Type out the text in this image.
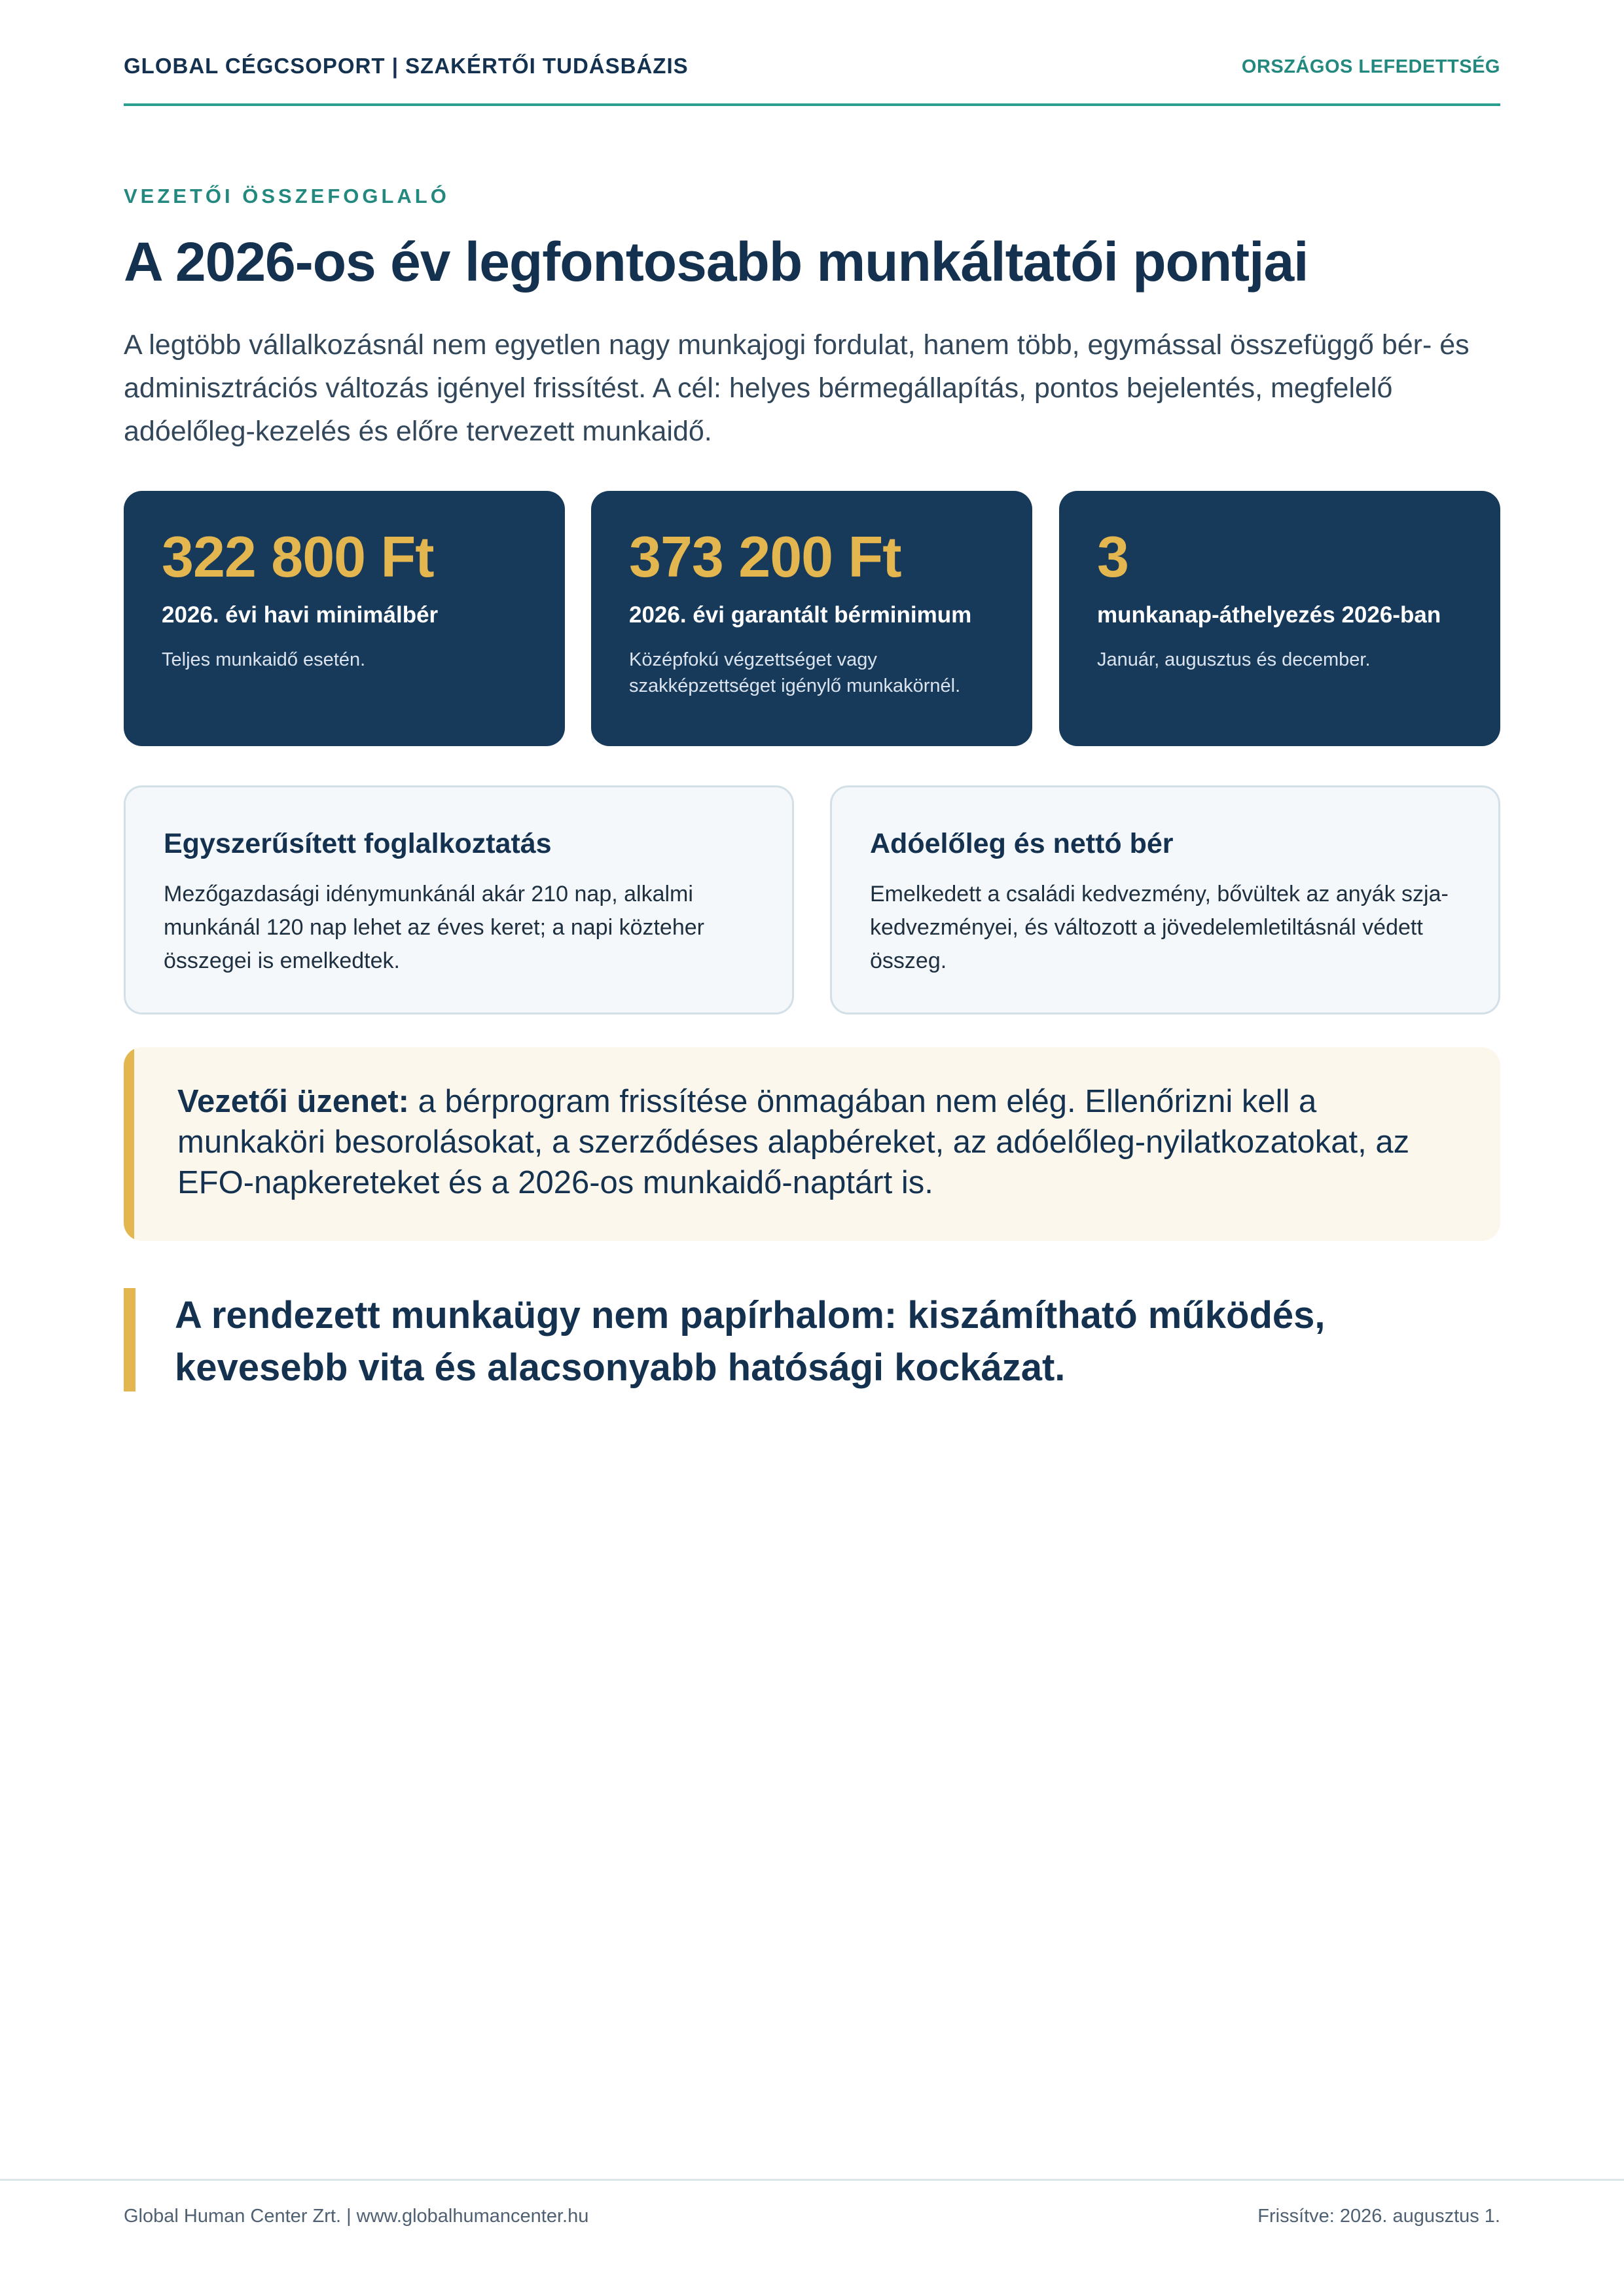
GLOBAL CÉGCSOPORT | SZAKÉRTŐI TUDÁSBÁZIS	ORSZÁGOS LEFEDETTSÉG
VEZETŐI ÖSSZEFOGLALÓ
A 2026-os év legfontosabb munkáltatói pontjai

A legtöbb vállalkozásnál nem egyetlen nagy munkajogi fordulat, hanem több, egymással összefüggő bér- és adminisztrációs változás igényel frissítést. A cél: helyes bérmegállapítás, pontos bejelentés, megfelelő adóelőleg-kezelés és előre tervezett munkaidő.

322 800 Ft
2026. évi havi minimálbér
Teljes munkaidő esetén.
373 200 Ft
2026. évi garantált bérminimum
Középfokú végzettséget vagy szakképzettséget igénylő munkakörnél.
3
munkanap-áthelyezés 2026-ban
Január, augusztus és december.
Egyszerűsített foglalkoztatás
Mezőgazdasági idénymunkánál akár 210 nap, alkalmi munkánál 120 nap lehet az éves keret; a napi közteher összegei is emelkedtek.
Adóelőleg és nettó bér
Emelkedett a családi kedvezmény, bővültek az anyák szja-kedvezményei, és változott a jövedelemletiltásnál védett összeg.

Vezetői üzenet: a bérprogram frissítése önmagában nem elég. Ellenőrizni kell a munkaköri besorolásokat, a szerződéses alapbéreket, az adóelőleg-nyilatkozatokat, az EFO-napkereteket és a 2026-os munkaidő-naptárt is.

A rendezett munkaügy nem papírhalom: kiszámítható működés, kevesebb vita és alacsonyabb hatósági kockázat.

Global Human Center Zrt. | www.globalhumancenter.hu	Frissítve: 2026. augusztus 1.
